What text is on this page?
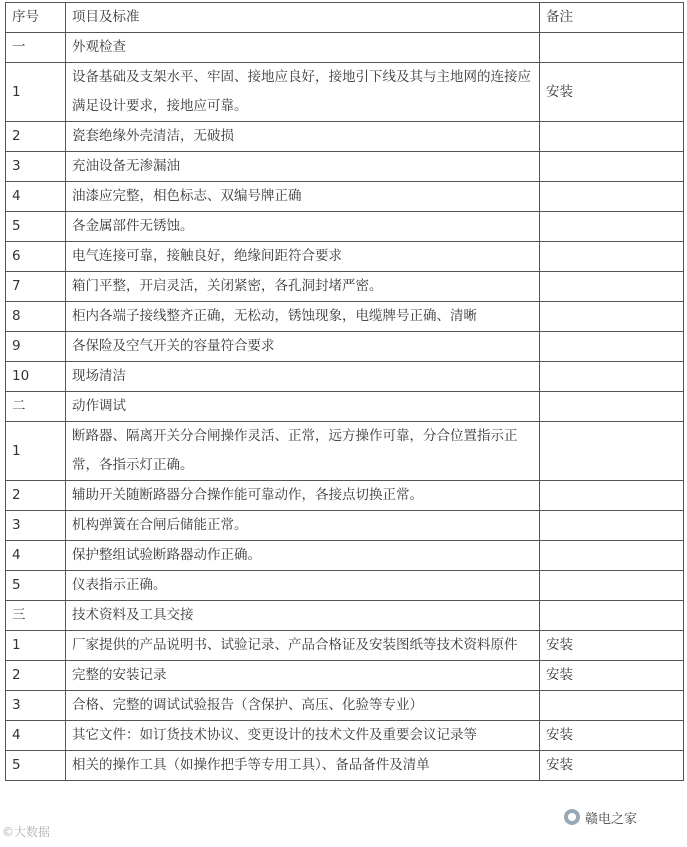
序号	项目及标准	备注
一	外观检查	
1	设备基础及支架水平、牢固、接地应良好，接地引下线及其与主地网的连接应满足设计要求，接地应可靠。	安装
2	瓷套绝缘外壳清洁，无破损	
3	充油设备无渗漏油	
4	油漆应完整，相色标志、双编号牌正确	
5	各金属部件无锈蚀。	
6	电气连接可靠，接触良好，绝缘间距符合要求	
7	箱门平整，开启灵活，关闭紧密，各孔洞封堵严密。	
8	柜内各端子接线整齐正确，无松动，锈蚀现象，电缆牌号正确、清晰	
9	各保险及空气开关的容量符合要求	
10	现场清洁	
二	动作调试	
1	断路器、隔离开关分合闸操作灵活、正常，远方操作可靠，分合位置指示正常，各指示灯正确。	
2	辅助开关随断路器分合操作能可靠动作，各接点切换正常。	
3	机构弹簧在合闸后储能正常。	
4	保护整组试验断路器动作正确。	
5	仪表指示正确。	
三	技术资料及工具交接	
1	厂家提供的产品说明书、试验记录、产品合格证及安装图纸等技术资料原件	安装
2	完整的安装记录	安装
3	合格、完整的调试试验报告（含保护、高压、化验等专业）	
4	其它文件：如订货技术协议、变更设计的技术文件及重要会议记录等	安装
5	相关的操作工具（如操作把手等专用工具）、备品备件及清单	安装
赣电之家
©大数据
